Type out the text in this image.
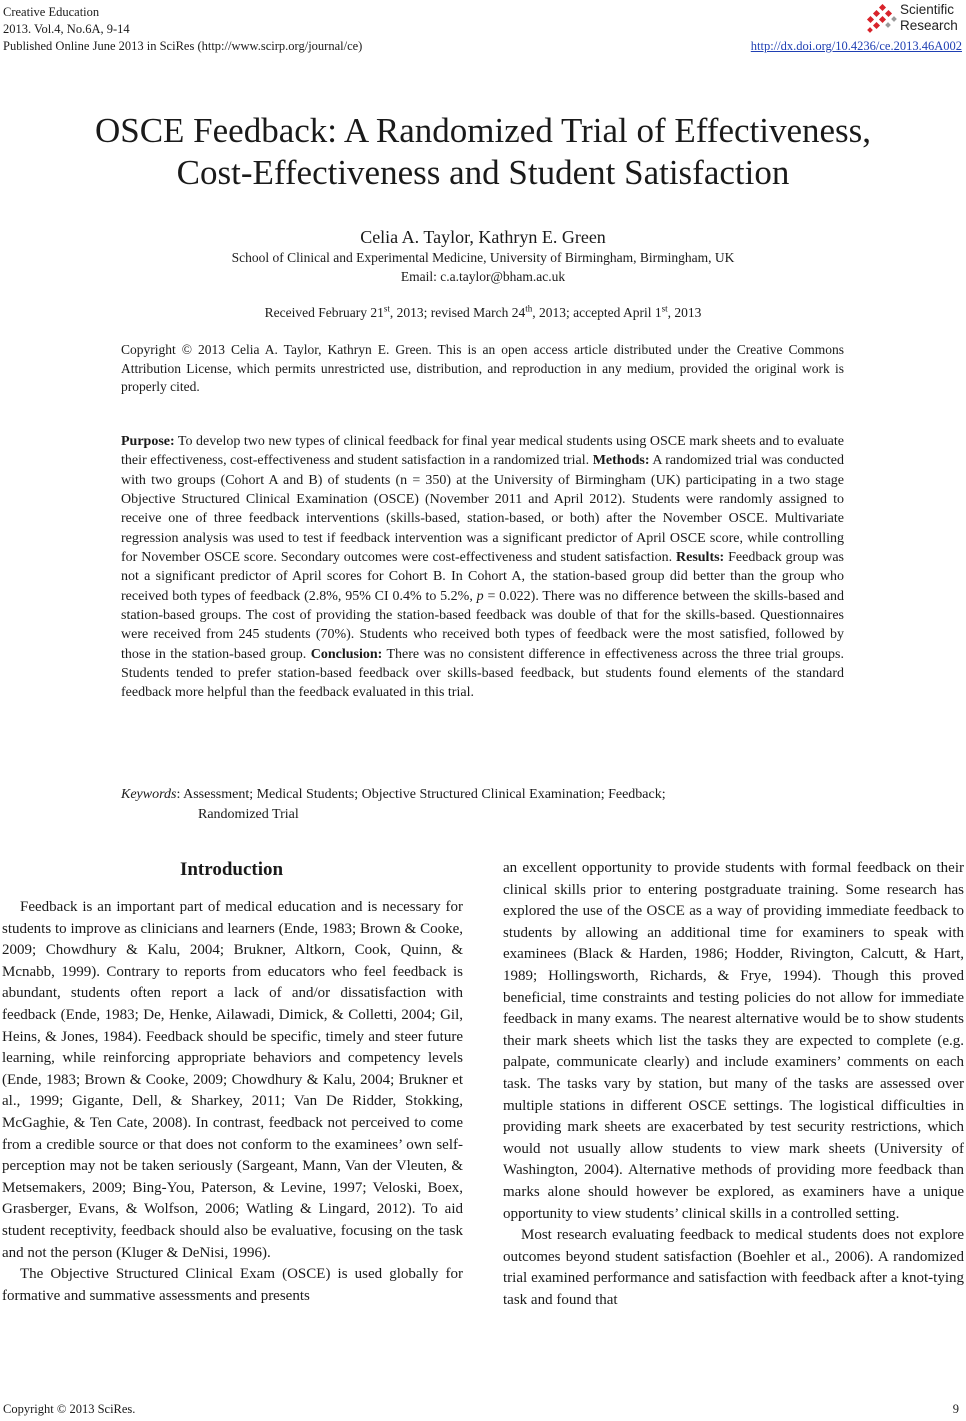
Creative Education
2013. Vol.4, No.6A, 9-14
Published Online June 2013 in SciRes (http://www.scirp.org/journal/ce)	http://dx.doi.org/10.4236/ce.2013.46A002
Scientific
Research
OSCE Feedback: A Randomized Trial of Effectiveness,
Cost-Effectiveness and Student Satisfaction
Celia A. Taylor, Kathryn E. Green
School of Clinical and Experimental Medicine, University of Birmingham, Birmingham, UK
Email: c.a.taylor@bham.ac.uk
Received February 21st, 2013; revised March 24th, 2013; accepted April 1st, 2013
Copyright © 2013 Celia A. Taylor, Kathryn E. Green. This is an open access article distributed under the Creative Commons Attribution License, which permits unrestricted use, distribution, and reproduction in any medium, provided the original work is properly cited.
Purpose: To develop two new types of clinical feedback for final year medical students using OSCE mark sheets and to evaluate their effectiveness, cost-effectiveness and student satisfaction in a randomized trial. Methods: A randomized trial was conducted with two groups (Cohort A and B) of students (n = 350) at the University of Birmingham (UK) participating in a two stage Objective Structured Clinical Examination (OSCE) (November 2011 and April 2012). Students were randomly assigned to receive one of three feedback interventions (skills-based, station-based, or both) after the November OSCE. Multivariate regression analysis was used to test if feedback intervention was a significant predictor of April OSCE score, while controlling for November OSCE score. Secondary outcomes were cost-effectiveness and student satisfaction. Results: Feedback group was not a significant predictor of April scores for Cohort B. In Cohort A, the station-based group did better than the group who received both types of feedback (2.8%, 95% CI 0.4% to 5.2%, p = 0.022). There was no difference between the skills-based and station-based groups. The cost of providing the station-based feedback was double of that for the skills-based. Questionnaires were received from 245 students (70%). Students who received both types of feedback were the most satisfied, followed by those in the station-based group. Conclusion: There was no consistent difference in effectiveness across the three trial groups. Students tended to prefer station-based feedback over skills-based feedback, but students found elements of the standard feedback more helpful than the feedback evaluated in this trial.
Keywords: Assessment; Medical Students; Objective Structured Clinical Examination; Feedback;
Randomized Trial
Introduction

Feedback is an important part of medical education and is necessary for students to improve as clinicians and learners (Ende, 1983; Brown & Cooke, 2009; Chowdhury & Kalu, 2004; Brukner, Altkorn, Cook, Quinn, & Mcnabb, 1999). Contrary to reports from educators who feel feedback is abundant, students often report a lack of and/or dissatisfaction with feedback (Ende, 1983; De, Henke, Ailawadi, Dimick, & Colletti, 2004; Gil, Heins, & Jones, 1984). Feedback should be specific, timely and steer future learning, while reinforcing appropriate behaviors and competency levels (Ende, 1983; Brown & Cooke, 2009; Chowdhury & Kalu, 2004; Brukner et al., 1999; Gigante, Dell, & Sharkey, 2011; Van De Ridder, Stokking, McGaghie, & Ten Cate, 2008). In contrast, feedback not perceived to come from a credible source or that does not conform to the examinees’ own self-perception may not be taken seriously (Sargeant, Mann, Van der Vleuten, & Metsemakers, 2009; Bing-You, Paterson, & Levine, 1997; Veloski, Boex, Grasberger, Evans, & Wolfson, 2006; Watling & Lingard, 2012). To aid student receptivity, feedback should also be evaluative, focusing on the task and not the person (Kluger & DeNisi, 1996).

The Objective Structured Clinical Exam (OSCE) is used globally for formative and summative assessments and presents

an excellent opportunity to provide students with formal feedback on their clinical skills prior to entering postgraduate training. Some research has explored the use of the OSCE as a way of providing immediate feedback to students by allowing an additional time for examiners to speak with examinees (Black & Harden, 1986; Hodder, Rivington, Calcutt, & Hart, 1989; Hollingsworth, Richards, & Frye, 1994). Though this proved beneficial, time constraints and testing policies do not allow for immediate feedback in many exams. The nearest alternative would be to show students their mark sheets which list the tasks they are expected to complete (e.g. palpate, communicate clearly) and include examiners’ comments on each task. The tasks vary by station, but many of the tasks are assessed over multiple stations in different OSCE settings. The logistical difficulties in providing mark sheets are exacerbated by test security restrictions, which would not usually allow students to view mark sheets (University of Washington, 2004). Alternative methods of providing more feedback than marks alone should however be explored, as examiners have a unique opportunity to view students’ clinical skills in a controlled setting.

Most research evaluating feedback to medical students does not explore outcomes beyond student satisfaction (Boehler et al., 2006). A randomized trial examined performance and satisfaction with feedback after a knot-tying task and found that

Copyright © 2013 SciRes.	9
